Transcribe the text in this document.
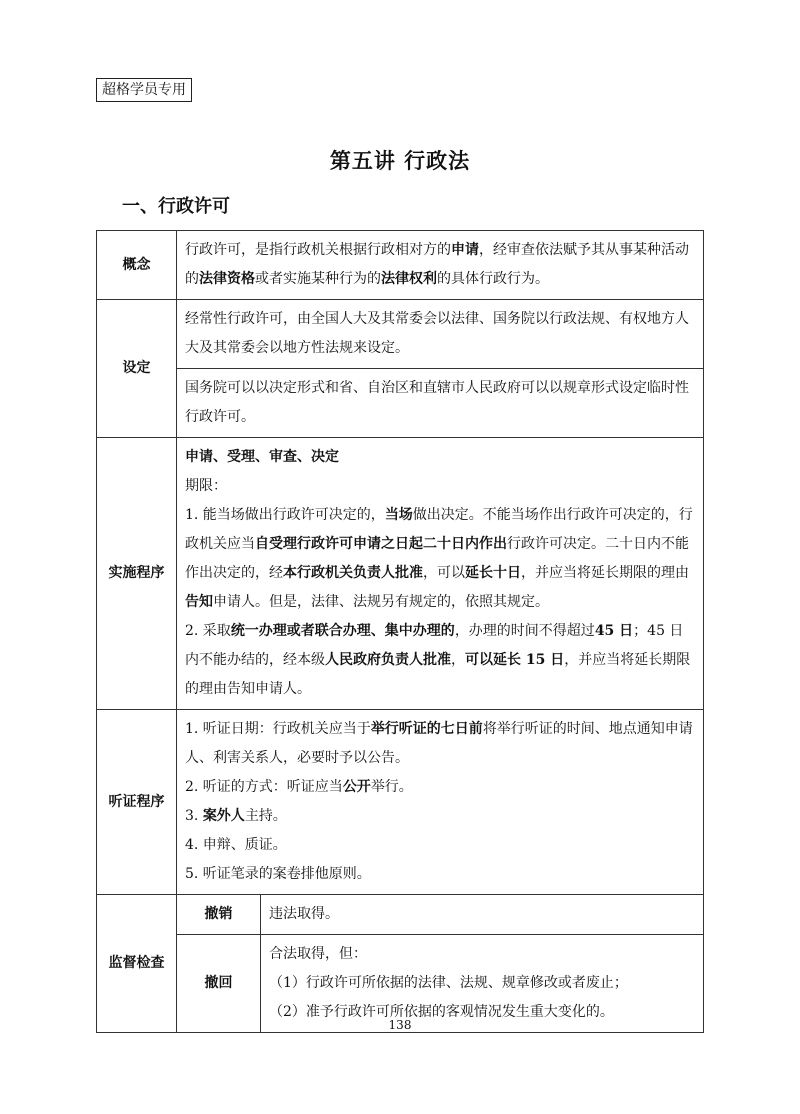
超格学员专用
第五讲 行政法
一、行政许可
概念	行政许可，是指行政机关根据行政相对方的申请，经审查依法赋予其从事某种活动的法律资格或者实施某种行为的法律权利的具体行政行为。	
设定	经常性行政许可，由全国人大及其常委会以法律、国务院以行政法规、有权地方人大及其常委会以地方性法规来设定。	
	国务院可以以决定形式和省、自治区和直辖市人民政府可以以规章形式设定临时性行政许可。	
实施程序	申请、受理、审查、决定
期限：
1. 能当场做出行政许可决定的，当场做出决定。不能当场作出行政许可决定的，行政机关应当自受理行政许可申请之日起二十日内作出行政许可决定。二十日内不能作出决定的，经本行政机关负责人批准，可以延长十日，并应当将延长期限的理由告知申请人。但是，法律、法规另有规定的，依照其规定。
2. 采取统一办理或者联合办理、集中办理的，办理的时间不得超过45 日；45 日内不能办结的，经本级人民政府负责人批准，可以延长 15 日，并应当将延长期限的理由告知申请人。	

听证程序	1. 听证日期：行政机关应当于举行听证的七日前将举行听证的时间、地点通知申请人、利害关系人，必要时予以公告。
2. 听证的方式：听证应当公开举行。
3. 案外人主持。
4. 申辩、质证。
5. 听证笔录的案卷排他原则。	

监督检查	撤销	违法取得。
	撤回	合法取得，但：
（1）行政许可所依据的法律、法规、规章修改或者废止；
（2）准予行政许可所依据的客观情况发生重大变化的。
138
